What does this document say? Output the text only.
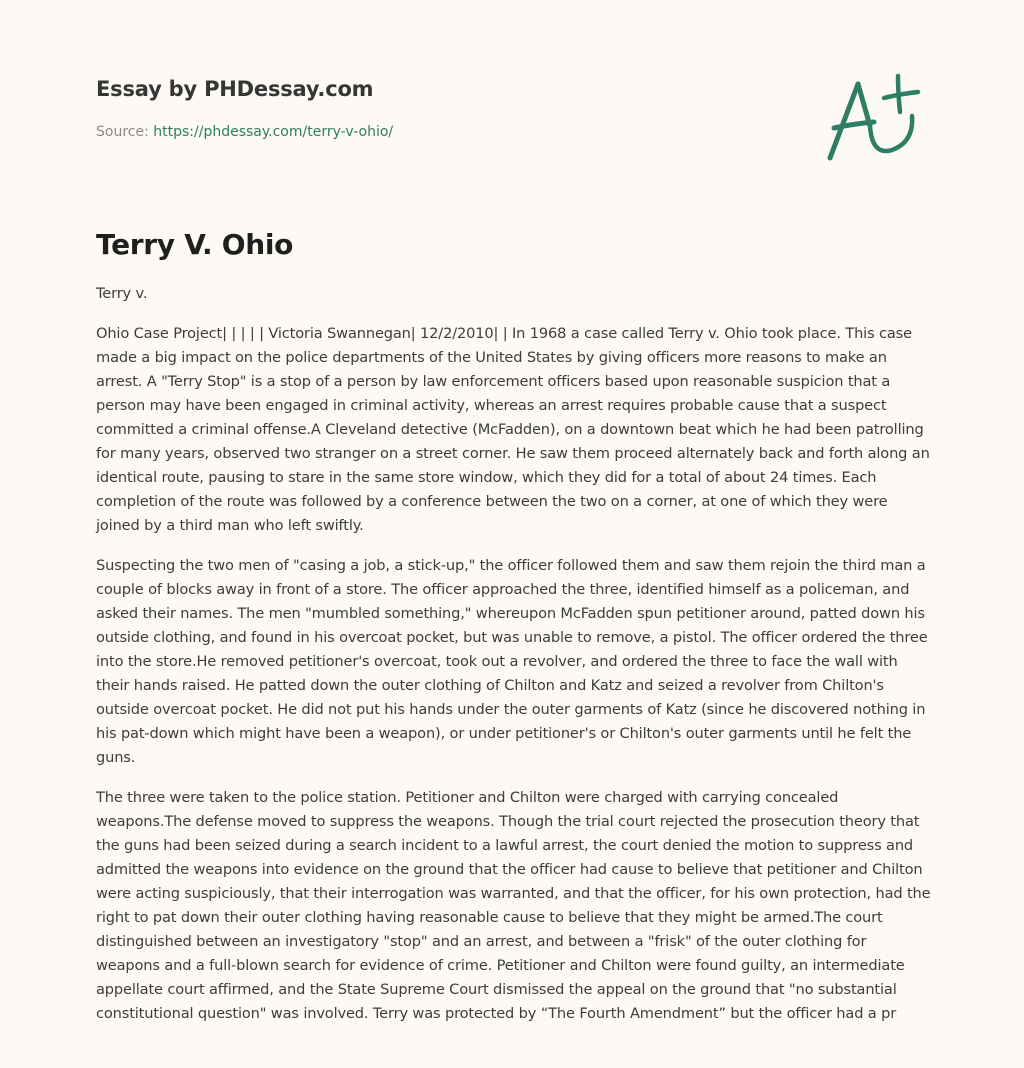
Essay by PHDessay.com
Source: https://phdessay.com/terry-v-ohio/
Terry V. Ohio

Terry v.

Ohio Case Project| | | | | Victoria Swannegan| 12/2/2010| | In 1968 a case called Terry v. Ohio took place. This case made a big impact on the police departments of the United States by giving officers more reasons to make an arrest. A "Terry Stop" is a stop of a person by law enforcement officers based upon reasonable suspicion that a person may have been engaged in criminal activity, whereas an arrest requires probable cause that a suspect committed a criminal offense.A Cleveland detective (McFadden), on a downtown beat which he had been patrolling for many years, observed two stranger on a street corner. He saw them proceed alternately back and forth along an identical route, pausing to stare in the same store window, which they did for a total of about 24 times. Each completion of the route was followed by a conference between the two on a corner, at one of which they were joined by a third man who left swiftly.

Suspecting the two men of "casing a job, a stick-up," the officer followed them and saw them rejoin the third man a couple of blocks away in front of a store. The officer approached the three, identified himself as a policeman, and asked their names. The men "mumbled something," whereupon McFadden spun petitioner around, patted down his outside clothing, and found in his overcoat pocket, but was unable to remove, a pistol. The officer ordered the three into the store.He removed petitioner's overcoat, took out a revolver, and ordered the three to face the wall with their hands raised. He patted down the outer clothing of Chilton and Katz and seized a revolver from Chilton's outside overcoat pocket. He did not put his hands under the outer garments of Katz (since he discovered nothing in his pat-down which might have been a weapon), or under petitioner's or Chilton's outer garments until he felt the guns.

The three were taken to the police station. Petitioner and Chilton were charged with carrying concealed weapons.The defense moved to suppress the weapons. Though the trial court rejected the prosecution theory that the guns had been seized during a search incident to a lawful arrest, the court denied the motion to suppress and admitted the weapons into evidence on the ground that the officer had cause to believe that petitioner and Chilton were acting suspiciously, that their interrogation was warranted, and that the officer, for his own protection, had the right to pat down their outer clothing having reasonable cause to believe that they might be armed.The court distinguished between an investigatory "stop" and an arrest, and between a "frisk" of the outer clothing for weapons and a full-blown search for evidence of crime. Petitioner and Chilton were found guilty, an intermediate appellate court affirmed, and the State Supreme Court dismissed the appeal on the ground that "no substantial constitutional question" was involved. Terry was protected by “The Fourth Amendment” but the officer had a pr
